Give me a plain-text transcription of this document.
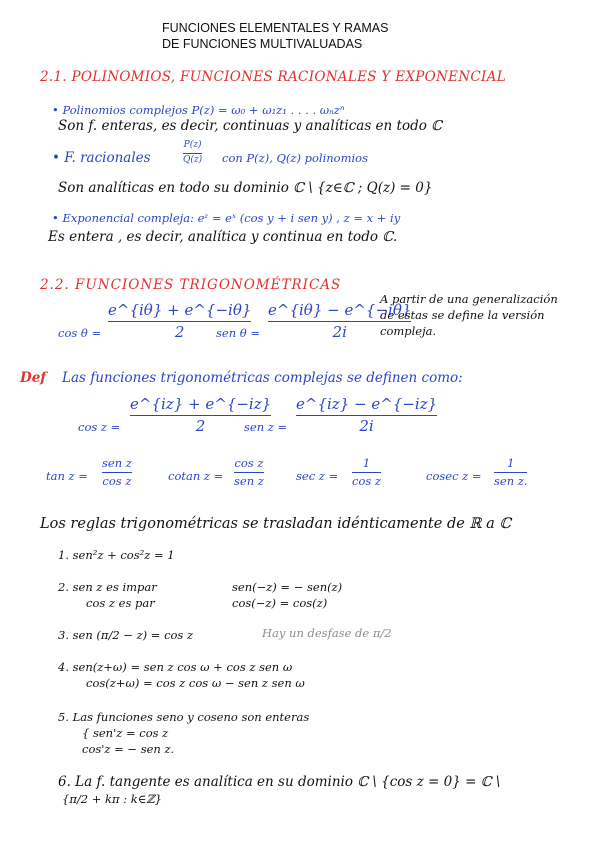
FUNCIONES ELEMENTALES Y RAMAS
DE FUNCIONES MULTIVALUADAS
2.1. POLINOMIOS, FUNCIONES RACIONALES Y EXPONENCIAL
• Polinomios complejos P(z) = ω₀ + ω₁z₁ . . . . ωₙzⁿ
Son f. enteras, es decir, continuas y analíticas en todo ℂ
• F. racionales
P(z)
Q(z) con P(z), Q(z) polinomios
Son analíticas en todo su dominio ℂ \ {z∈ℂ ; Q(z) = 0}
• Exponencial compleja: eᶻ = eˣ (cos y + i sen y) , z = x + iy
Es entera , es decir, analítica y continua en todo ℂ.
2.2. FUNCIONES TRIGONOMÉTRICAS
cos θ =
e^{iθ} + e^{−iθ}
2	sen θ =
e^{iθ} − e^{−iθ}
2i
A partir de una generalización
de estas se define la versión
compleja.
Def Las funciones trigonométricas complejas se definen como:
cos z =
e^{iz} + e^{−iz}
2	sen z =
e^{iz} − e^{−iz}
2i
tan z =
sen z
cos z	cotan z =
cos z
sen z	sec z =
1
cos z	cosec z =
1
sen z.
Los reglas trigonométricas se trasladan idénticamente de ℝ a ℂ
1. sen²z + cos²z = 1
2. sen z es impar	sen(−z) = − sen(z)
cos z es par	cos(−z) = cos(z)
3. sen (π/2 − z) = cos z	Hay un desfase de π/2
4. sen(z+ω) = sen z cos ω + cos z sen ω
cos(z+ω) = cos z cos ω − sen z sen ω
5. Las funciones seno y coseno son enteras
{ sen'z = cos z
cos'z = − sen z.
6. La f. tangente es analítica en su dominio ℂ \ {cos z = 0} = ℂ \
{π/2 + kπ : k∈ℤ}
